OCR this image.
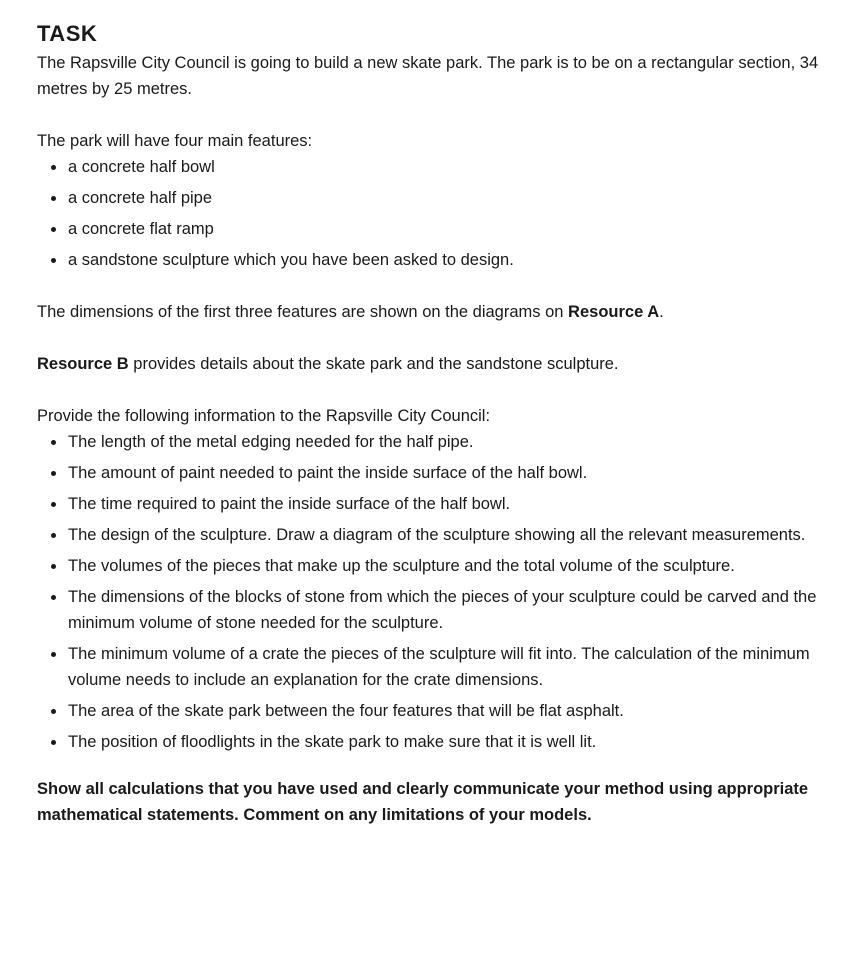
TASK

The Rapsville City Council is going to build a new skate park. The park is to be on a rectangular section, 34 metres by 25 metres.

The park will have four main features:

a concrete half bowl
a concrete half pipe
a concrete flat ramp
a sandstone sculpture which you have been asked to design.

The dimensions of the first three features are shown on the diagrams on Resource A.

Resource B provides details about the skate park and the sandstone sculpture.

Provide the following information to the Rapsville City Council:

The length of the metal edging needed for the half pipe.
The amount of paint needed to paint the inside surface of the half bowl.
The time required to paint the inside surface of the half bowl.
The design of the sculpture. Draw a diagram of the sculpture showing all the relevant measurements.
The volumes of the pieces that make up the sculpture and the total volume of the sculpture.
The dimensions of the blocks of stone from which the pieces of your sculpture could be carved and the minimum volume of stone needed for the sculpture.
The minimum volume of a crate the pieces of the sculpture will fit into. The calculation of the minimum volume needs to include an explanation for the crate dimensions.
The area of the skate park between the four features that will be flat asphalt.
The position of floodlights in the skate park to make sure that it is well lit.

Show all calculations that you have used and clearly communicate your method using appropriate mathematical statements. Comment on any limitations of your models.
